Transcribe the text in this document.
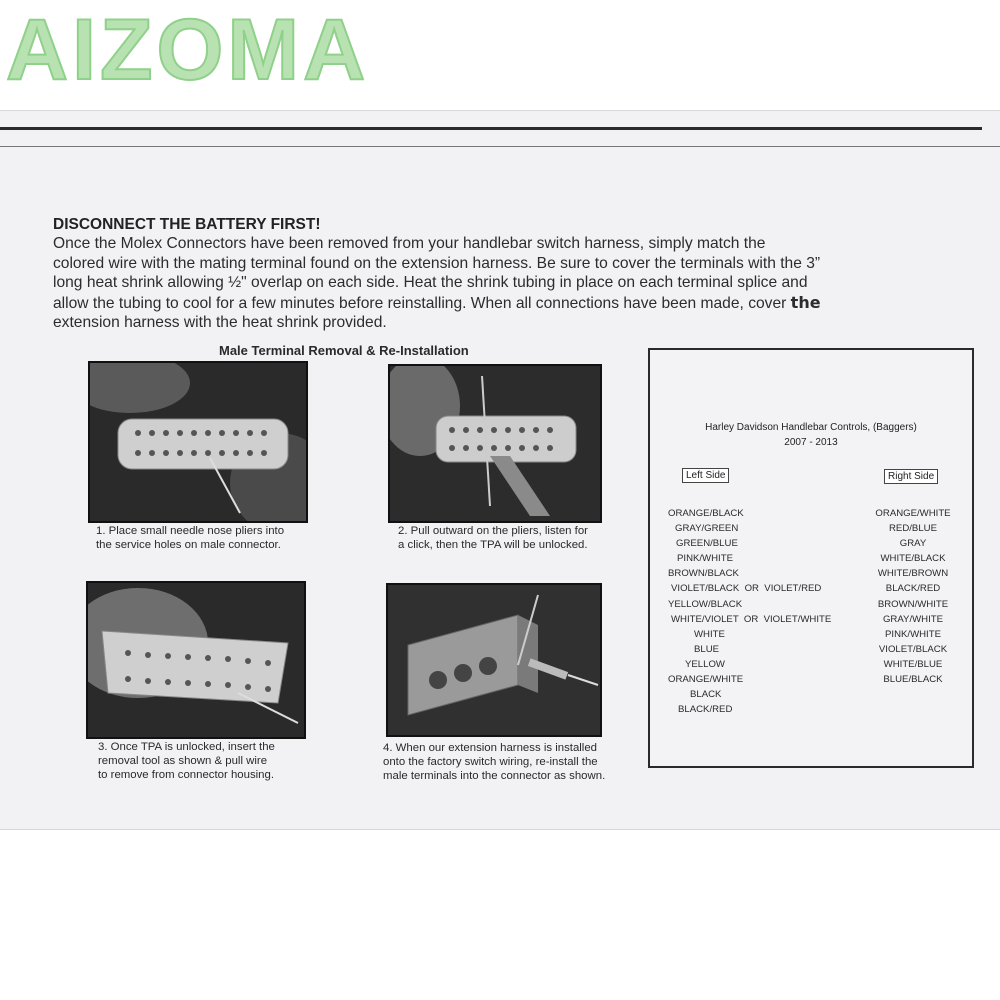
AIZOMA
DISCONNECT THE BATTERY FIRST!
Once the Molex Connectors have been removed from your handlebar switch harness, simply match the
colored wire with the mating terminal found on the extension harness. Be sure to cover the terminals with the 3”
long heat shrink allowing ½" overlap on each side. Heat the shrink tubing in place on each terminal splice and
allow the tubing to cool for a few minutes before reinstalling. When all connections have been made, cover the
extension harness with the heat shrink provided.
Male Terminal Removal & Re-Installation
1. Place small needle nose pliers into
the service holes on male connector.
2. Pull outward on the pliers, listen for
a click, then the TPA will be unlocked.
3. Once TPA is unlocked, insert the
removal tool as shown & pull wire
to remove from connector housing.
4. When our extension harness is installed
onto the factory switch wiring, re-install the
male terminals into the connector as shown.
Harley Davidson Handlebar Controls, (Baggers)
2007 - 2013
Left Side	Right Side
ORANGE/BLACK
GRAY/GREEN
GREEN/BLUE
PINK/WHITE
BROWN/BLACK
VIOLET/BLACK  OR  VIOLET/RED
YELLOW/BLACK
WHITE/VIOLET  OR  VIOLET/WHITE
WHITE
BLUE
YELLOW
ORANGE/WHITE
BLACK
BLACK/RED
ORANGE/WHITE
RED/BLUE
GRAY
WHITE/BLACK
WHITE/BROWN
BLACK/RED
BROWN/WHITE
GRAY/WHITE
PINK/WHITE
VIOLET/BLACK
WHITE/BLUE
BLUE/BLACK
